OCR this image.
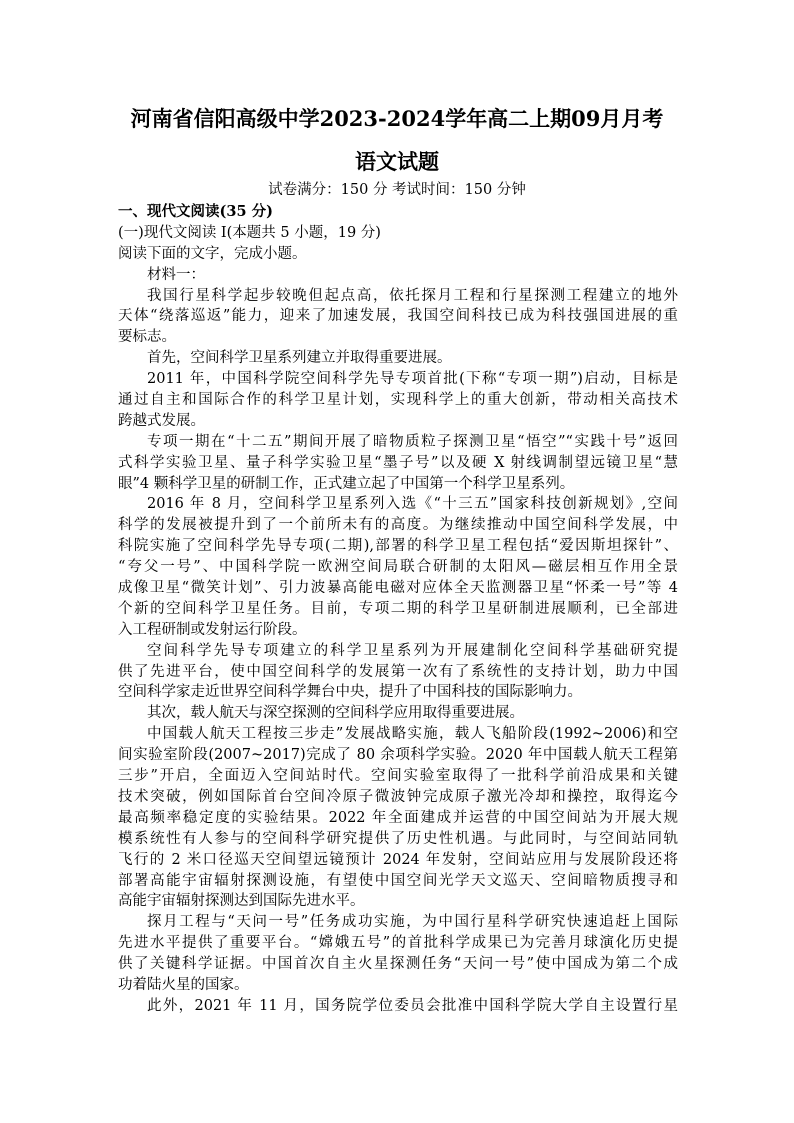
河南省信阳高级中学2023-2024学年高二上期09月月考
语文试题
试卷满分：150 分 考试时间：150 分钟
一、现代文阅读(35 分)
(一)现代文阅读 I(本题共 5 小题，19 分)
阅读下面的文字，完成小题。
材料一：
我国行星科学起步较晚但起点高，依托探月工程和行星探测工程建立的地外
天体“绕落巡返”能力，迎来了加速发展，我国空间科技已成为科技强国进展的重
要标志。
首先，空间科学卫星系列建立并取得重要进展。
2011 年，中国科学院空间科学先导专项首批(下称“专项一期”)启动，目标是
通过自主和国际合作的科学卫星计划，实现科学上的重大创新，带动相关高技术
跨越式发展。
专项一期在“十二五”期间开展了暗物质粒子探测卫星“悟空”“实践十号”返回
式科学实验卫星、量子科学实验卫星“墨子号”以及硬 X 射线调制望远镜卫星“慧
眼”4 颗科学卫星的研制工作，正式建立起了中国第一个科学卫星系列。
2016 年 8 月，空间科学卫星系列入选《“十三五”国家科技创新规划》,空间
科学的发展被提升到了一个前所未有的高度。为继续推动中国空间科学发展，中
科院实施了空间科学先导专项(二期),部署的科学卫星工程包括“爱因斯坦探针”、
“夸父一号”、中国科学院一欧洲空间局联合研制的太阳风—磁层相互作用全景
成像卫星“微笑计划”、引力波暴高能电磁对应体全天监测器卫星“怀柔一号”等 4
个新的空间科学卫星任务。目前，专项二期的科学卫星研制进展顺利，已全部进
入工程研制或发射运行阶段。
空间科学先导专项建立的科学卫星系列为开展建制化空间科学基础研究提
供了先进平台，使中国空间科学的发展第一次有了系统性的支持计划，助力中国
空间科学家走近世界空间科学舞台中央，提升了中国科技的国际影响力。
其次，载人航天与深空探测的空间科学应用取得重要进展。
中国载人航天工程按三步走”发展战略实施，载人飞船阶段(1992~2006)和空
间实验室阶段(2007~2017)完成了 80 余项科学实验。2020 年中国载人航天工程第
三步”开启，全面迈入空间站时代。空间实验室取得了一批科学前沿成果和关键
技术突破，例如国际首台空间冷原子微波钟完成原子激光冷却和操控，取得迄今
最高频率稳定度的实验结果。2022 年全面建成并运营的中国空间站为开展大规
模系统性有人参与的空间科学研究提供了历史性机遇。与此同时，与空间站同轨
飞行的 2 米口径巡天空间望远镜预计 2024 年发射，空间站应用与发展阶段还将
部署高能宇宙辐射探测设施，有望使中国空间光学天文巡天、空间暗物质搜寻和
高能宇宙辐射探测达到国际先进水平。
探月工程与“天问一号”任务成功实施，为中国行星科学研究快速追赶上国际
先进水平提供了重要平台。“嫦娥五号”的首批科学成果已为完善月球演化历史提
供了关键科学证据。中国首次自主火星探测任务“天问一号”使中国成为第二个成
功着陆火星的国家。
此外，2021 年 11 月，国务院学位委员会批准中国科学院大学自主设置行星
